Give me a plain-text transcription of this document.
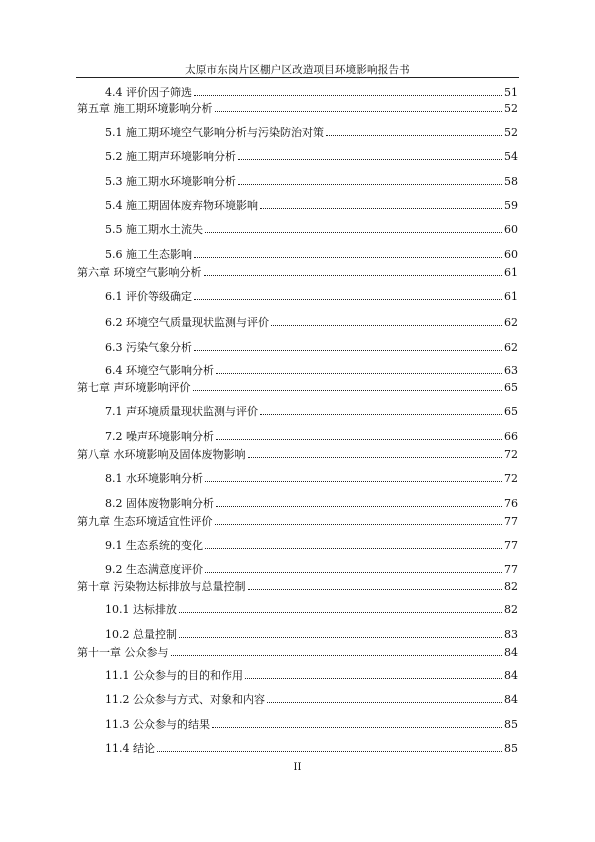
太原市东岗片区棚户区改造项目环境影响报告书
4.4 评价因子筛选	51
第五章 施工期环境影响分析	52
5.1 施工期环境空气影响分析与污染防治对策	52
5.2 施工期声环境影响分析	54
5.3 施工期水环境影响分析	58
5.4 施工期固体废弃物环境影响	59
5.5 施工期水土流失	60
5.6 施工生态影响	60
第六章 环境空气影响分析	61
6.1 评价等级确定	61
6.2 环境空气质量现状监测与评价	62
6.3 污染气象分析	62
6.4 环境空气影响分析	63
第七章 声环境影响评价	65
7.1 声环境质量现状监测与评价	65
7.2 噪声环境影响分析	66
第八章 水环境影响及固体废物影响	72
8.1 水环境影响分析	72
8.2 固体废物影响分析	76
第九章 生态环境适宜性评价	77
9.1 生态系统的变化	77
9.2 生态满意度评价	77
第十章 污染物达标排放与总量控制	82
10.1 达标排放	82
10.2 总量控制	83
第十一章 公众参与	84
11.1 公众参与的目的和作用	84
11.2 公众参与方式、对象和内容	84
11.3 公众参与的结果	85
11.4 结论	85
II
